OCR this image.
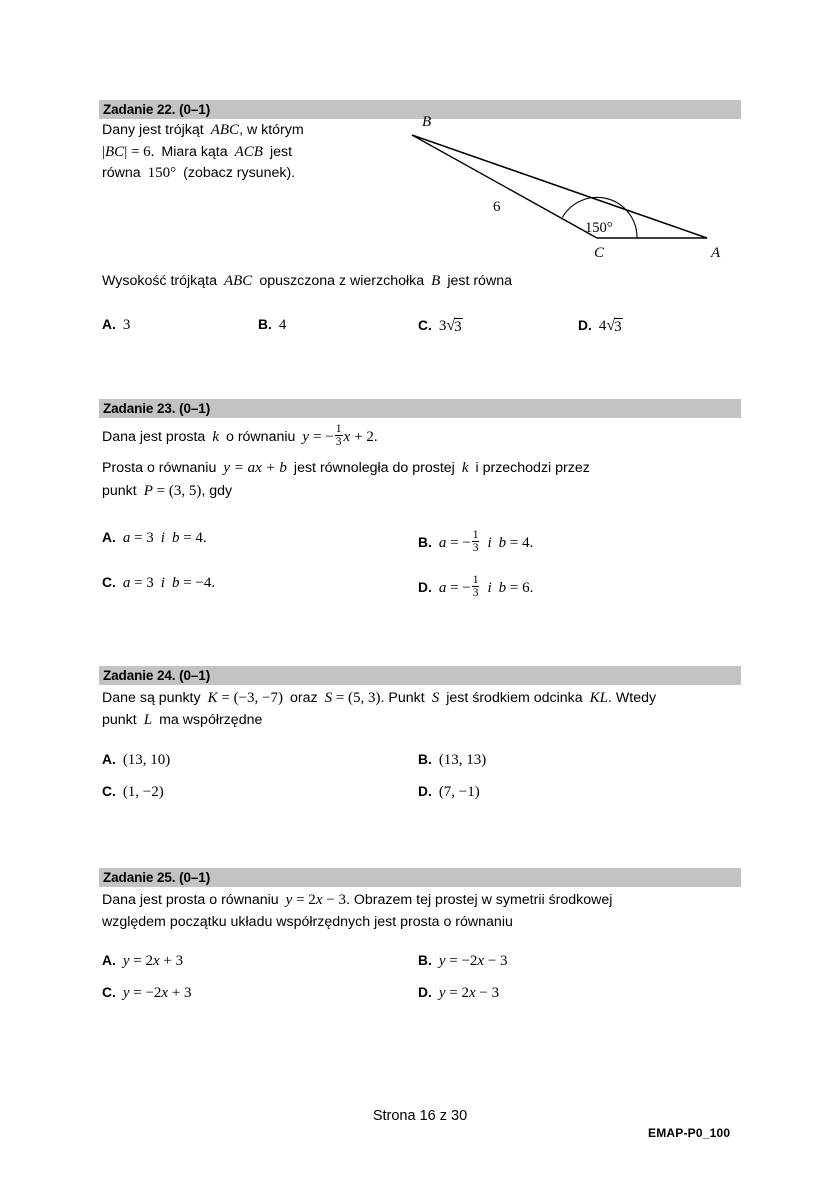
Zadanie 22. (0–1)
Dany jest trójkąt ABC, w którym
|BC| = 6. Miara kąta ACB jest
równa 150° (zobacz rysunek).
B
C	A
6
150°
Wysokość trójkąta ABC opuszczona z wierzchołka B jest równa
A. 3	B. 4	C. 3√3	D. 4√3
Zadanie 23. (0–1)
Dana jest prosta k o równaniu y = − $\frac{1}{3}$ x + 2.
Prosta o równaniu y = ax + b jest równoległa do prostej k i przechodzi przez
punkt P = (3, 5), gdy
A. a = 3 i b = 4.	B. a = − $\frac{1}{3}$ i b = 4.
C. a = 3 i b = −4.	D. a = − $\frac{1}{3}$ i b = 6.
Zadanie 24. (0–1)
Dane są punkty K = (−3, −7) oraz S = (5, 3). Punkt S jest środkiem odcinka KL. Wtedy
punkt L ma współrzędne
A. (13, 10)	B. (13, 13)
C. (1, −2)	D. (7, −1)
Zadanie 25. (0–1)
Dana jest prosta o równaniu y = 2x − 3. Obrazem tej prostej w symetrii środkowej
względem początku układu współrzędnych jest prosta o równaniu
A. y = 2x + 3	B. y = −2x − 3
C. y = −2x + 3	D. y = 2x − 3
Strona 16 z 30
EMAP-P0_100
